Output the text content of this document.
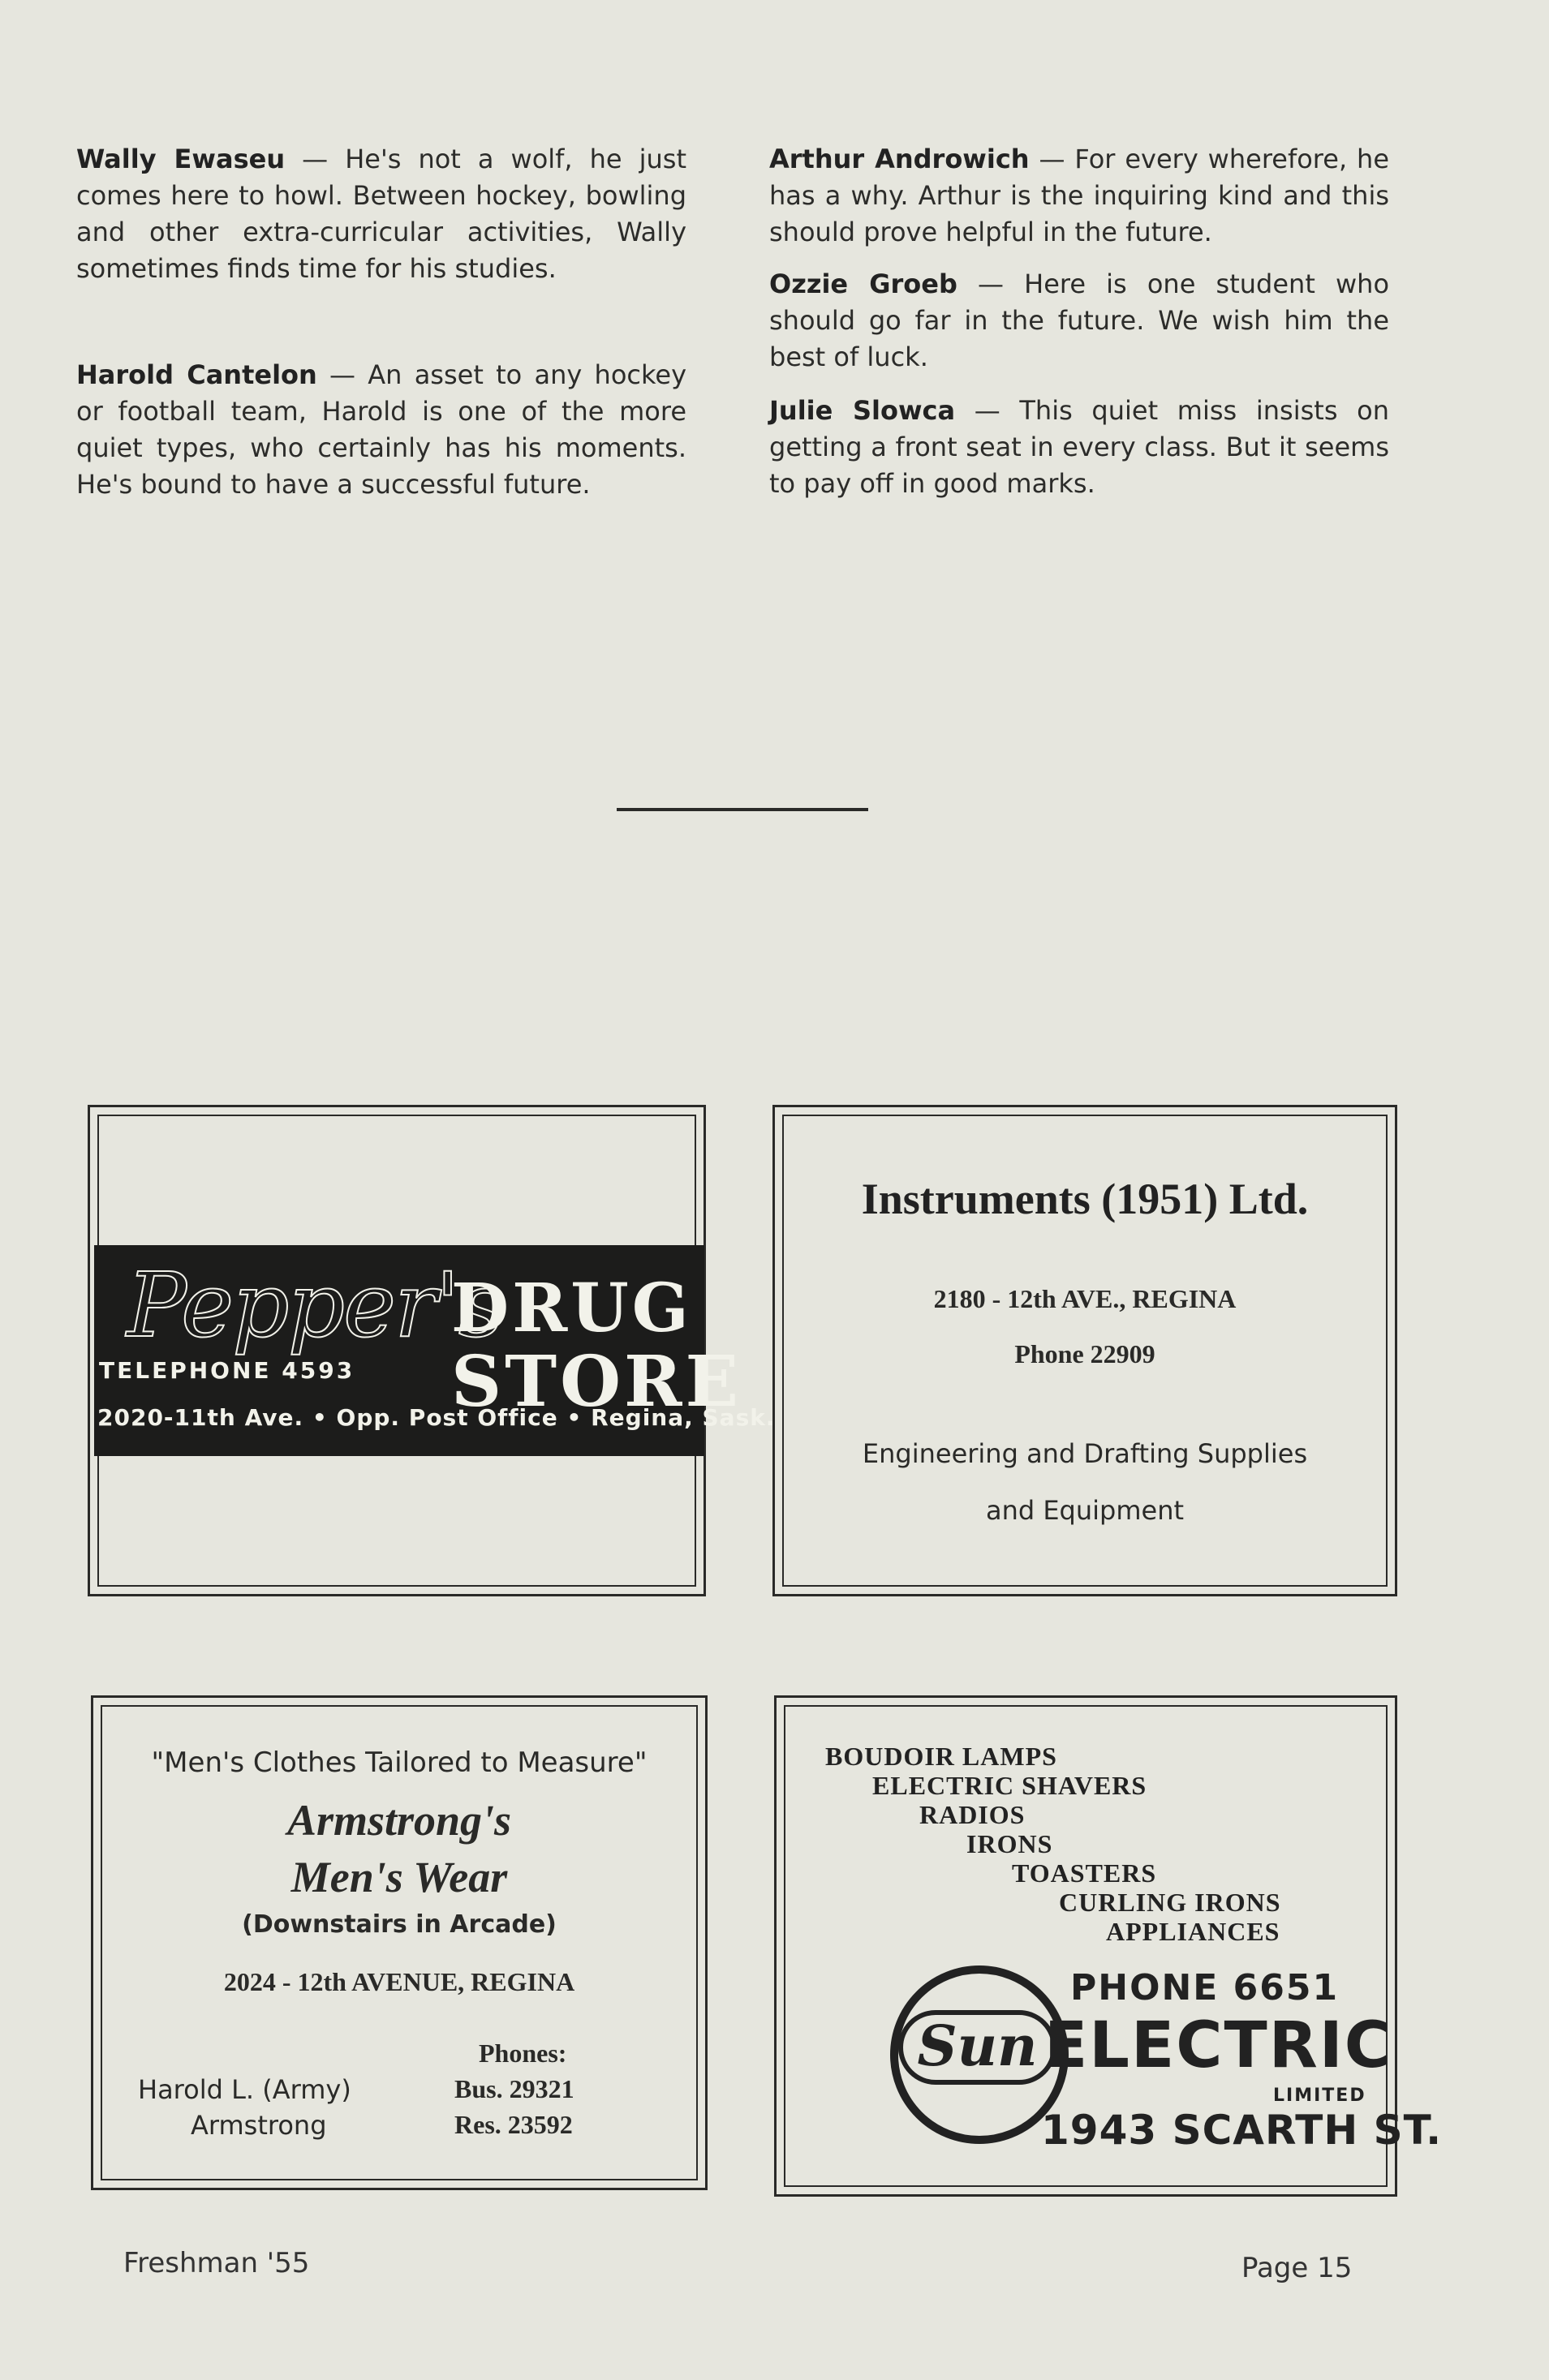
Wally Ewaseu — He's not a wolf, he just comes here to howl. Between hockey, bowling and other extra-curricular activities, Wally sometimes finds time for his studies.
Harold Cantelon — An asset to any hockey or football team, Harold is one of the more quiet types, who certainly has his moments. He's bound to have a successful future.
Arthur Androwich — For every wherefore, he has a why. Arthur is the inquiring kind and this should prove helpful in the future.
Ozzie Groeb — Here is one student who should go far in the future. We wish him the best of luck.
Julie Slowca — This quiet miss insists on getting a front seat in every class. But it seems to pay off in good marks.
Pepper's
DRUG
STORE
TELEPHONE 4593
2020-11th Ave. • Opp. Post Office • Regina, Sask.
Instruments (1951) Ltd.
2180 - 12th AVE., REGINA
Phone 22909
Engineering and Drafting Supplies
and Equipment
"Men's Clothes Tailored to Measure"
Armstrong's
Men's Wear
(Downstairs in Arcade)
2024 - 12th AVENUE, REGINA
Harold L. (Army)
Armstrong
Phones:
Bus. 29321
Res. 23592
BOUDOIR LAMPS
ELECTRIC SHAVERS
RADIOS
IRONS
TOASTERS
CURLING IRONS
APPLIANCES
Sun
PHONE 6651
ELECTRIC
LIMITED
1943 SCARTH ST.
Freshman '55	Page 15
